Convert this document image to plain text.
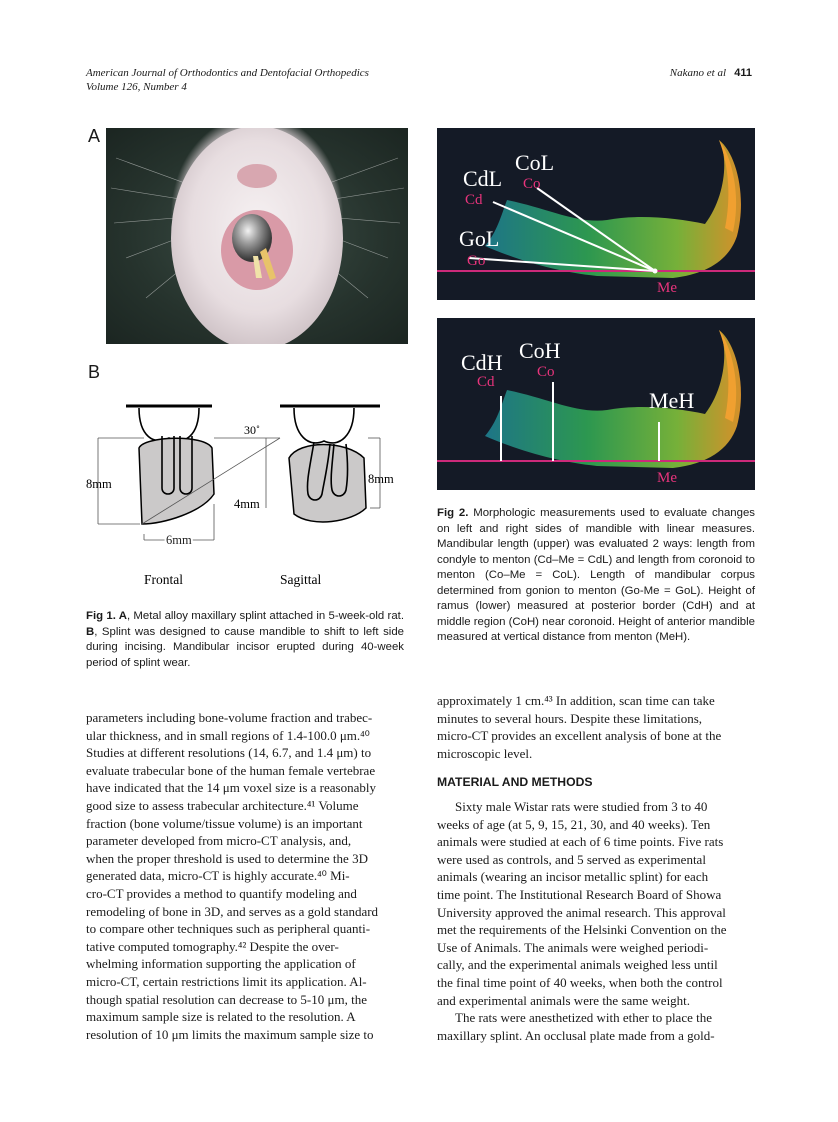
American Journal of Orthodontics and Dentofacial Orthopedics
Volume 126, Number 4
Nakano et al 411
A
B
30˚
8mm
6mm
4mm
8mm
Frontal	Sagittal
Fig 1. A, Metal alloy maxillary splint attached in 5-week-old rat. B, Splint was designed to cause mandible to shift to left side during incising. Mandibular incisor erupted during 40-week period of splint wear.
CdL
CoL
Co
Cd
GoL
Go
Me
CdH CoH
Cd
Co
MeH
Me
Fig 2. Morphologic measurements used to evaluate changes on left and right sides of mandible with linear measures. Mandibular length (upper) was evaluated 2 ways: length from condyle to menton (Cd–Me = CdL) and length from coronoid to menton (Co–Me = CoL). Length of mandibular corpus determined from gonion to menton (Go-Me = GoL). Height of ramus (lower) measured at posterior border (CdH) and at middle region (CoH) near coronoid. Height of anterior mandible measured at vertical distance from menton (MeH).

parameters including bone-volume fraction and trabec-

ular thickness, and in small regions of 1.4-100.0 μm.⁴⁰

Studies at different resolutions (14, 6.7, and 1.4 μm) to

evaluate trabecular bone of the human female vertebrae

have indicated that the 14 μm voxel size is a reasonably

good size to assess trabecular architecture.⁴¹ Volume

fraction (bone volume/tissue volume) is an important

parameter developed from micro-CT analysis, and,

when the proper threshold is used to determine the 3D

generated data, micro-CT is highly accurate.⁴⁰ Mi-

cro-CT provides a method to quantify modeling and

remodeling of bone in 3D, and serves as a gold standard

to compare other techniques such as peripheral quanti-

tative computed tomography.⁴² Despite the over-

whelming information supporting the application of

micro-CT, certain restrictions limit its application. Al-

though spatial resolution can decrease to 5-10 μm, the

maximum sample size is related to the resolution. A

resolution of 10 μm limits the maximum sample size to

approximately 1 cm.⁴³ In addition, scan time can take

minutes to several hours. Despite these limitations,

micro-CT provides an excellent analysis of bone at the

microscopic level.

MATERIAL AND METHODS

Sixty male Wistar rats were studied from 3 to 40

weeks of age (at 5, 9, 15, 21, 30, and 40 weeks). Ten

animals were studied at each of 6 time points. Five rats

were used as controls, and 5 served as experimental

animals (wearing an incisor metallic splint) for each

time point. The Institutional Research Board of Showa

University approved the animal research. This approval

met the requirements of the Helsinki Convention on the

Use of Animals. The animals were weighed periodi-

cally, and the experimental animals weighed less until

the final time point of 40 weeks, when both the control

and experimental animals were the same weight.

The rats were anesthetized with ether to place the

maxillary splint. An occlusal plate made from a gold-
